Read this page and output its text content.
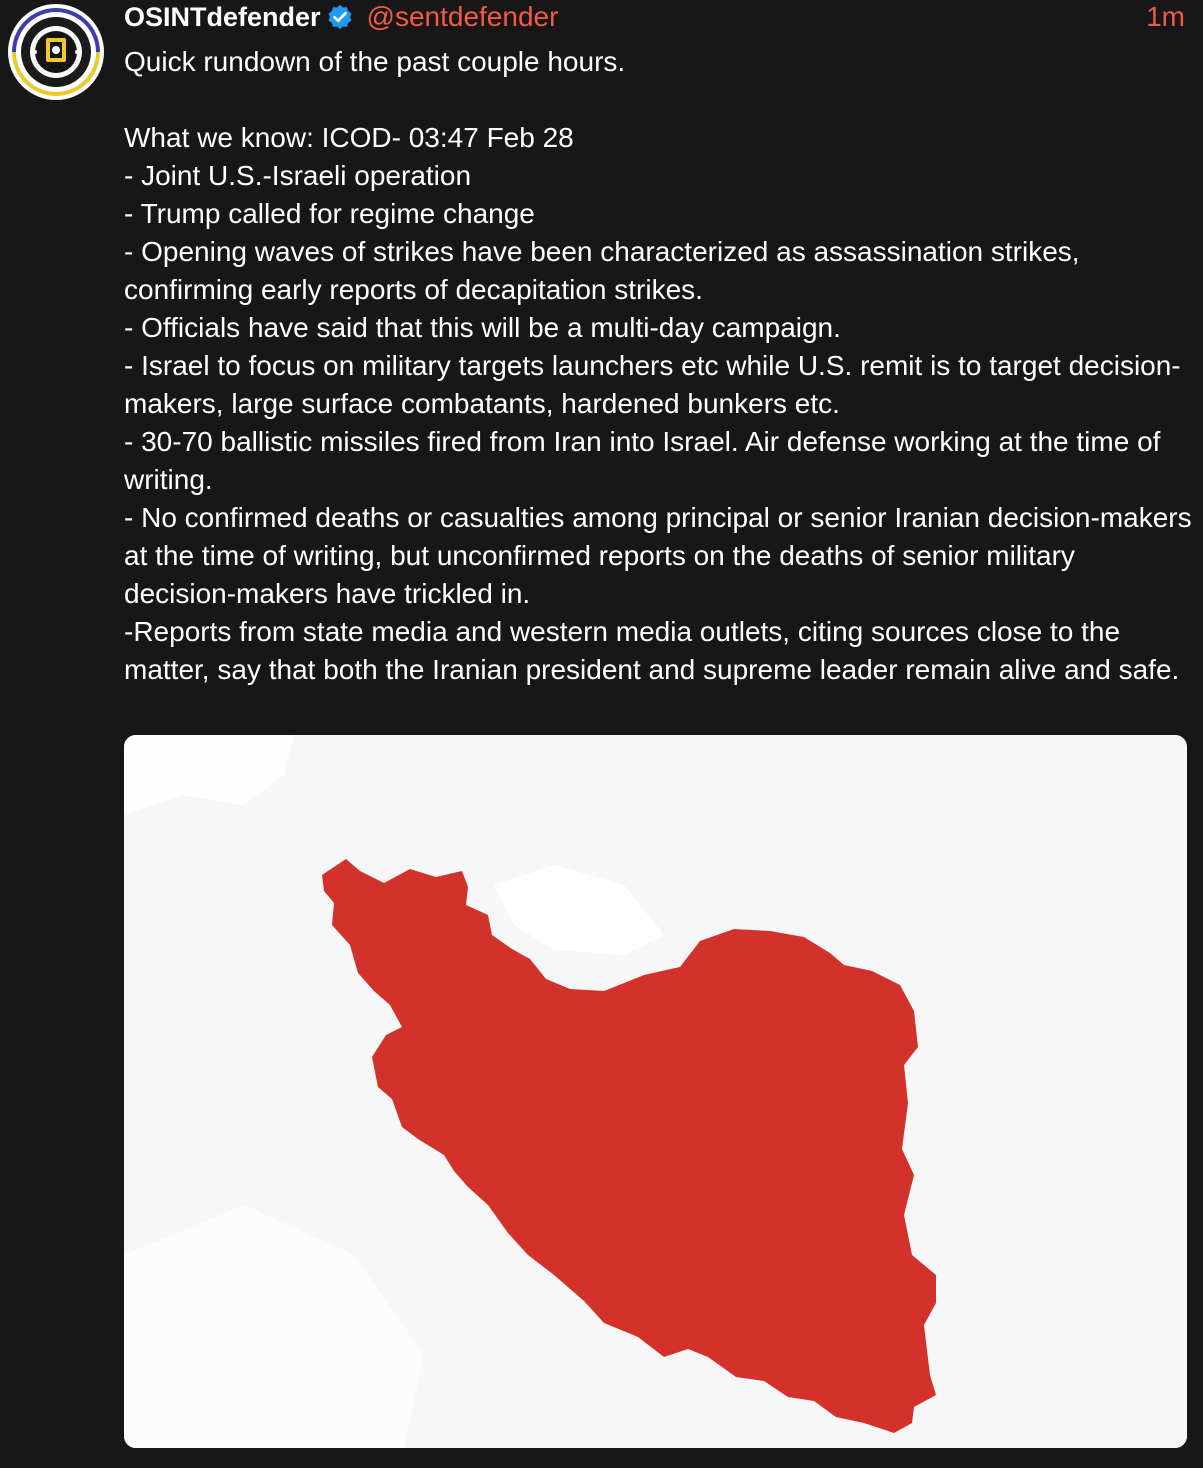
OSINTdefender @sentdefender	1m

Quick rundown of the past couple hours.

What we know: ICOD- 03:47 Feb 28

- Joint U.S.-Israeli operation

- Trump called for regime change

- Opening waves of strikes have been characterized as assassination strikes, confirming early reports of decapitation strikes.

- Officials have said that this will be a multi-day campaign.

- Israel to focus on military targets launchers etc while U.S. remit is to target decision-makers, large surface combatants, hardened bunkers etc.

- 30-70 ballistic missiles fired from Iran into Israel. Air defense working at the time of writing.

- No confirmed deaths or casualties among principal or senior Iranian decision-makers at the time of writing, but unconfirmed reports on the deaths of senior military decision-makers have trickled in.

-Reports from state media and western media outlets, citing sources close to the matter, say that both the Iranian president and supreme leader remain alive and safe.
